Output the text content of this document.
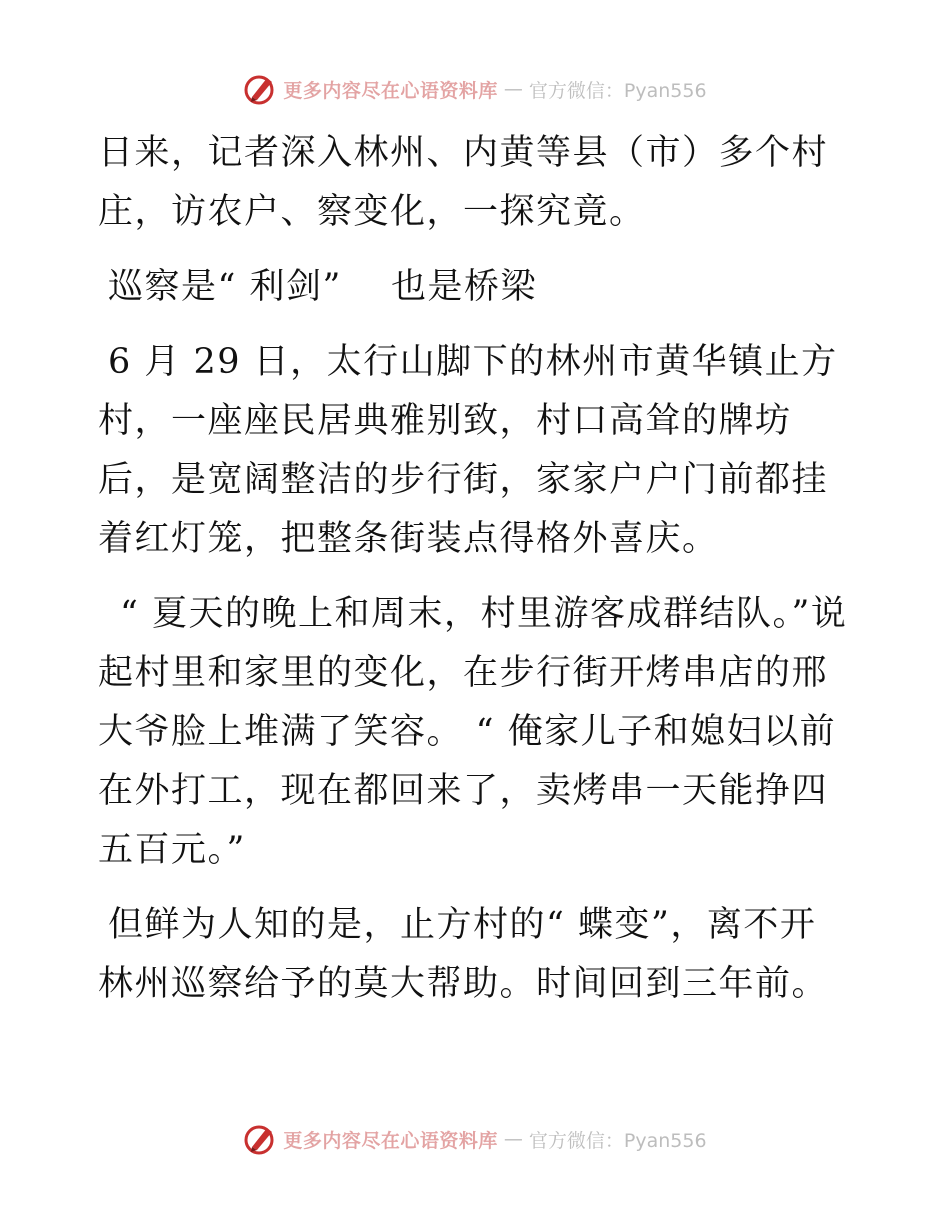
更多内容尽在心语资料库 — 官方微信：Pyan556

日来，记者深入林州、内黄等县（市）多个村庄，访农户、察变化，一探究竟。

巡察是“ 利剑”　 也是桥梁

6 月 29 日，太行山脚下的林州市黄华镇止方村，一座座民居典雅别致，村口高耸的牌坊后，是宽阔整洁的步行街，家家户户门前都挂着红灯笼，把整条街装点得格外喜庆。

“ 夏天的晚上和周末，村里游客成群结队。”说起村里和家里的变化，在步行街开烤串店的邢大爷脸上堆满了笑容。 “ 俺家儿子和媳妇以前在外打工，现在都回来了，卖烤串一天能挣四五百元。”

但鲜为人知的是，止方村的“ 蝶变”，离不开林州巡察给予的莫大帮助。时间回到三年前。

更多内容尽在心语资料库 — 官方微信：Pyan556
